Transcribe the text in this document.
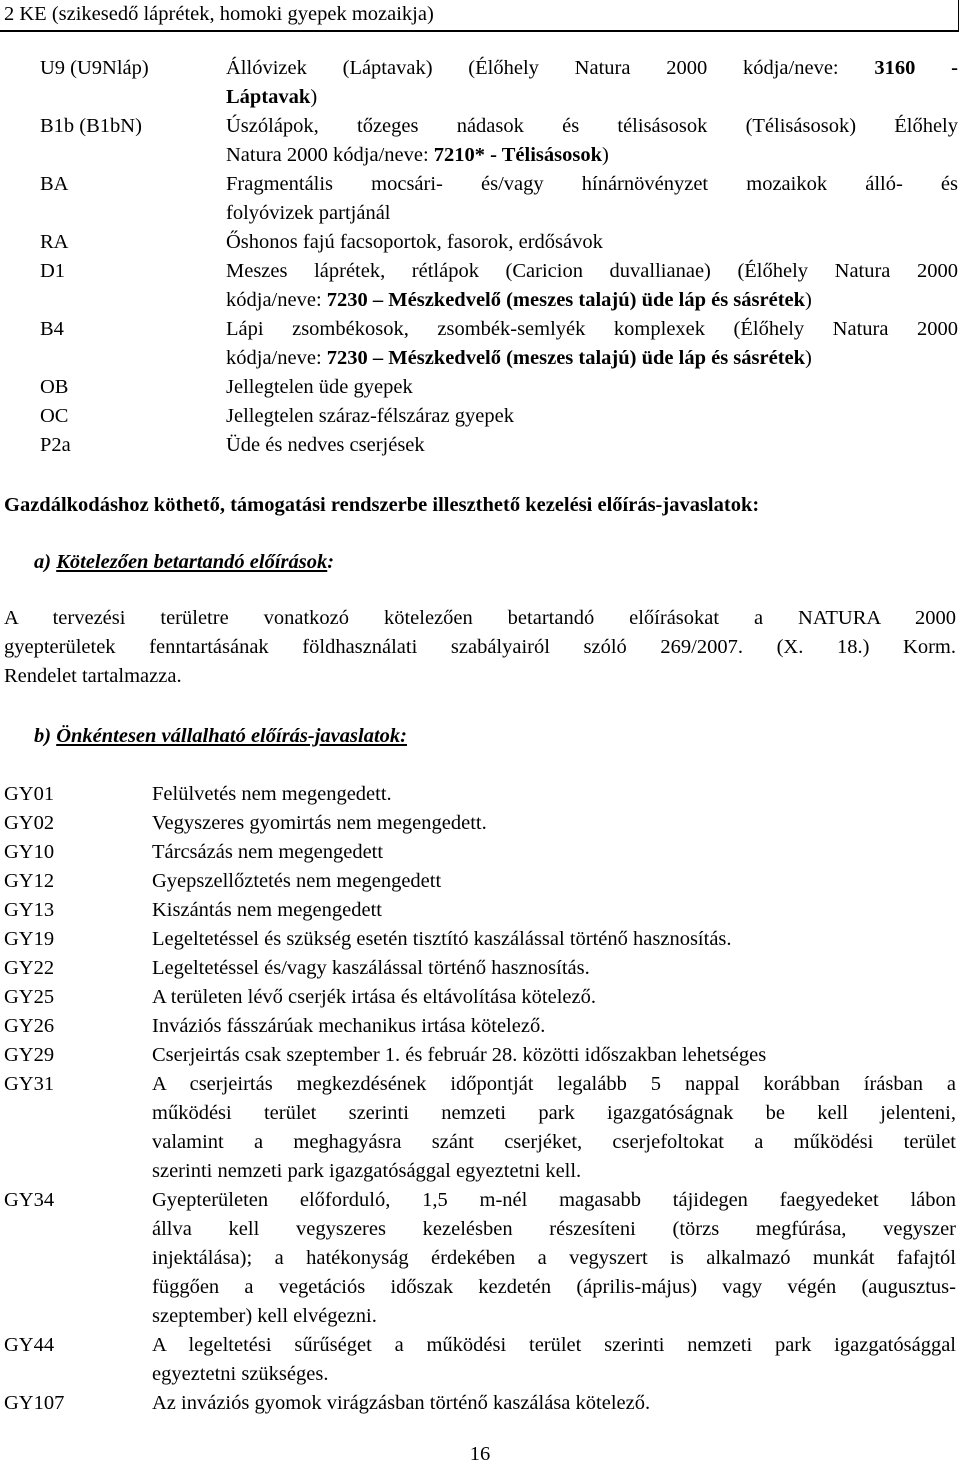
2 KE (szikesedő láprétek, homoki gyepek mozaikja)
U9 (U9Nláp)	Állóvizek (Láptavak) (Élőhely Natura 2000 kódja/neve: 3160 -
Láptavak)
B1b (B1bN)	Úszólápok, tőzeges nádasok és télisásosok (Télisásosok) Élőhely
Natura 2000 kódja/neve: 7210* - Télisásosok)
BA	Fragmentális mocsári- és/vagy hínárnövényzet mozaikok álló- és
folyóvizek partjánál
RA	Őshonos fajú facsoportok, fasorok, erdősávok
D1	Meszes láprétek, rétlápok (Caricion duvallianae) (Élőhely Natura 2000
kódja/neve: 7230 – Mészkedvelő (meszes talajú) üde láp és sásrétek)
B4	Lápi zsombékosok, zsombék-semlyék komplexek (Élőhely Natura 2000
kódja/neve: 7230 – Mészkedvelő (meszes talajú) üde láp és sásrétek)
OB	Jellegtelen üde gyepek
OC	Jellegtelen száraz-félszáraz gyepek
P2a	Üde és nedves cserjések
Gazdálkodáshoz köthető, támogatási rendszerbe illeszthető kezelési előírás-javaslatok:
a) Kötelezően betartandó előírások:
A tervezési területre vonatkozó kötelezően betartandó előírásokat a NATURA 2000
gyepterületek fenntartásának földhasználati szabályairól szóló 269/2007. (X. 18.) Korm.
Rendelet tartalmazza.
b) Önkéntesen vállalható előírás-javaslatok:
GY01	Felülvetés nem megengedett.
GY02	Vegyszeres gyomirtás nem megengedett.
GY10	Tárcsázás nem megengedett
GY12	Gyepszellőztetés nem megengedett
GY13	Kiszántás nem megengedett
GY19	Legeltetéssel és szükség esetén tisztító kaszálással történő hasznosítás.
GY22	Legeltetéssel és/vagy kaszálással történő hasznosítás.
GY25	A területen lévő cserjék irtása és eltávolítása kötelező.
GY26	Inváziós fásszárúak mechanikus irtása kötelező.
GY29	Cserjeirtás csak szeptember 1. és február 28. közötti időszakban lehetséges
GY31	A cserjeirtás megkezdésének időpontját legalább 5 nappal korábban írásban a
működési terület szerinti nemzeti park igazgatóságnak be kell jelenteni,
valamint a meghagyásra szánt cserjéket, cserjefoltokat a működési terület
szerinti nemzeti park igazgatósággal egyeztetni kell.
GY34	Gyepterületen előforduló, 1,5 m-nél magasabb tájidegen faegyedeket lábon
állva kell vegyszeres kezelésben részesíteni (törzs megfúrása, vegyszer
injektálása); a hatékonyság érdekében a vegyszert is alkalmazó munkát fafajtól
függően a vegetációs időszak kezdetén (április-május) vagy végén (augusztus-
szeptember) kell elvégezni.
GY44	A legeltetési sűrűséget a működési terület szerinti nemzeti park igazgatósággal
egyeztetni szükséges.
GY107	Az inváziós gyomok virágzásban történő kaszálása kötelező.
16
